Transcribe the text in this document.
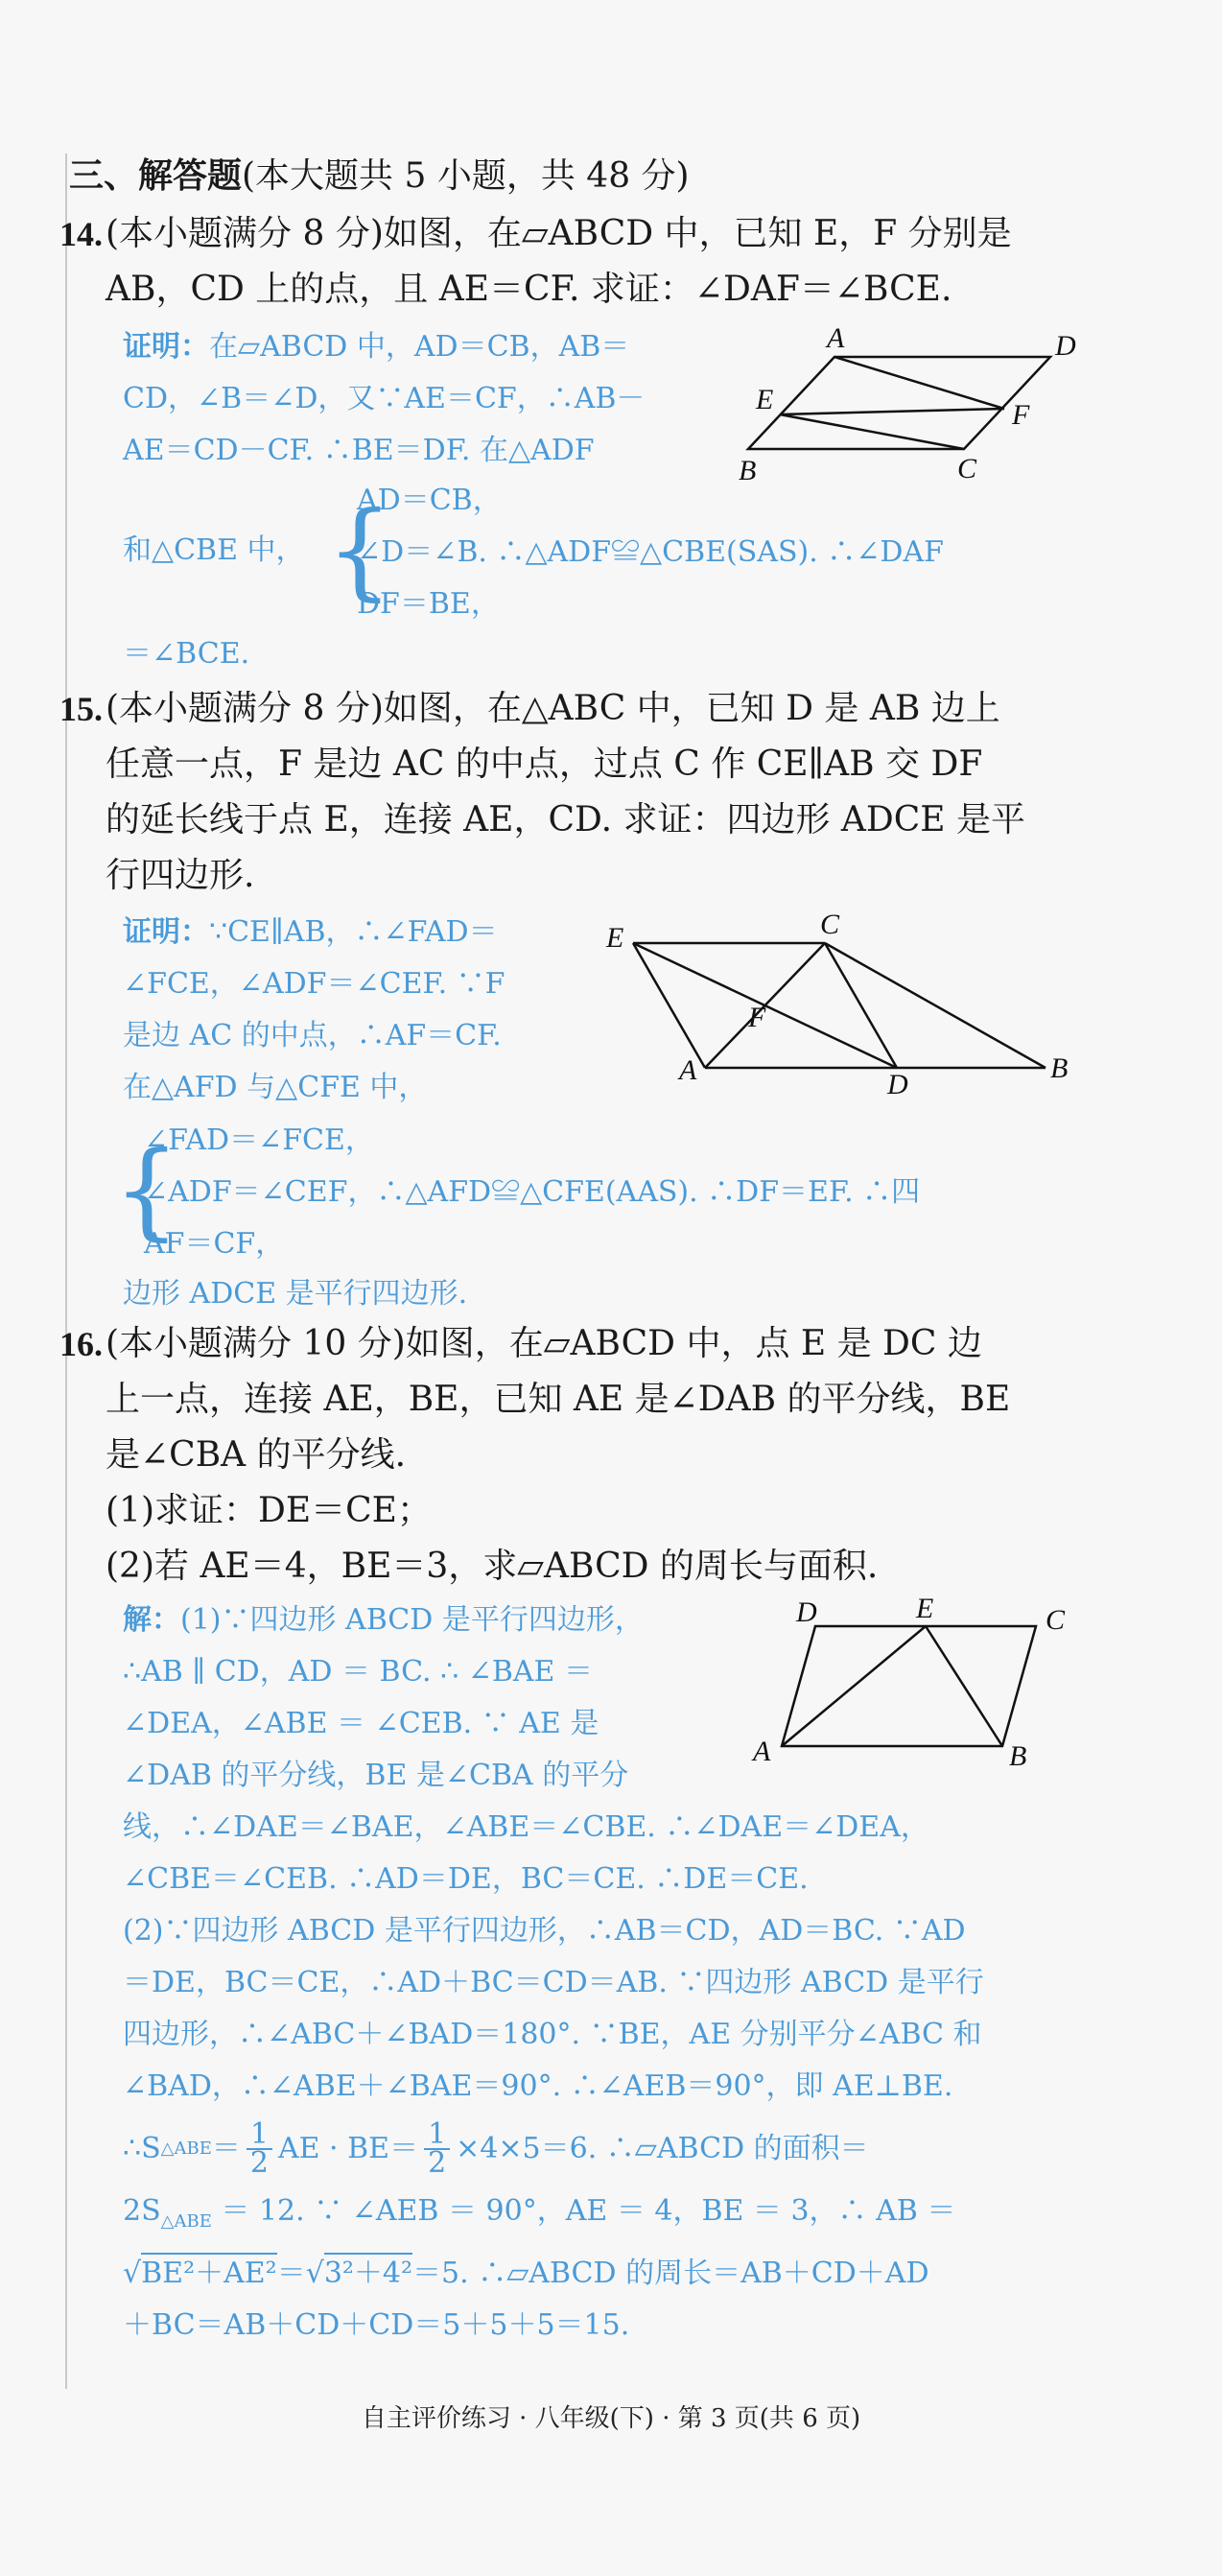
三、解答题(本大题共 5 小题，共 48 分)
14. (本小题满分 8 分)如图，在▱ABCD 中，已知 E，F 分别是
AB，CD 上的点，且 AE＝CF. 求证：∠DAF＝∠BCE.
证明：在▱ABCD 中，AD＝CB，AB＝
CD，∠B＝∠D，又∵AE＝CF，∴AB－
AE＝CD－CF. ∴BE＝DF. 在△ADF
和△CBE 中， {
AD＝CB，
∠D＝∠B. ∴△ADF≌△CBE(SAS). ∴∠DAF
DF＝BE，
＝∠BCE.
A	D
E	F
B	C
15. (本小题满分 8 分)如图，在△ABC 中，已知 D 是 AB 边上
任意一点，F 是边 AC 的中点，过点 C 作 CE∥AB 交 DF
的延长线于点 E，连接 AE，CD. 求证：四边形 ADCE 是平
行四边形.
证明：∵CE∥AB，∴∠FAD＝
∠FCE，∠ADF＝∠CEF. ∵F
是边 AC 的中点，∴AF＝CF.
在△AFD 与△CFE 中，
{
∠FAD＝∠FCE，
∠ADF＝∠CEF，∴△AFD≌△CFE(AAS). ∴DF＝EF. ∴四
AF＝CF，
边形 ADCE 是平行四边形.
E	C
F
A	D
B
16. (本小题满分 10 分)如图，在▱ABCD 中，点 E 是 DC 边
上一点，连接 AE，BE，已知 AE 是∠DAB 的平分线，BE
是∠CBA 的平分线.
(1)求证：DE＝CE；
(2)若 AE＝4，BE＝3，求▱ABCD 的周长与面积.
解：(1)∵四边形 ABCD 是平行四边形，
∴AB ∥ CD，AD ＝ BC. ∴ ∠BAE ＝
∠DEA，∠ABE ＝ ∠CEB. ∵ AE 是
∠DAB 的平分线，BE 是∠CBA 的平分
线，∴∠DAE＝∠BAE，∠ABE＝∠CBE. ∴∠DAE＝∠DEA，
∠CBE＝∠CEB. ∴AD＝DE，BC＝CE. ∴DE＝CE.
(2)∵四边形 ABCD 是平行四边形，∴AB＝CD，AD＝BC. ∵AD
＝DE，BC＝CE，∴AD＋BC＝CD＝AB. ∵四边形 ABCD 是平行
四边形，∴∠ABC＋∠BAD＝180°. ∵BE，AE 分别平分∠ABC 和
∠BAD，∴∠ABE＋∠BAE＝90°. ∴∠AEB＝90°，即 AE⊥BE.
∴S △ABE ＝ $\frac{1}{2}$ AE · $BE= \frac{1}{2} \times 4\times 5=6$. ∴▱ABCD 的面积＝
$2S_{\triangle ABE} = 12$. ∵ ∠AEB ＝ 90°，AE ＝ 4，BE ＝ 3，∴ AB ＝
√BE²＋AE²＝√3²＋4²＝5. ∴▱ABCD 的周长＝AB＋CD＋AD
＋BC＝AB＋CD＋CD＝5＋5＋5＝15.
D	E	C
A	B
自主评价练习 · 八年级(下) · 第 3 页(共 6 页)
